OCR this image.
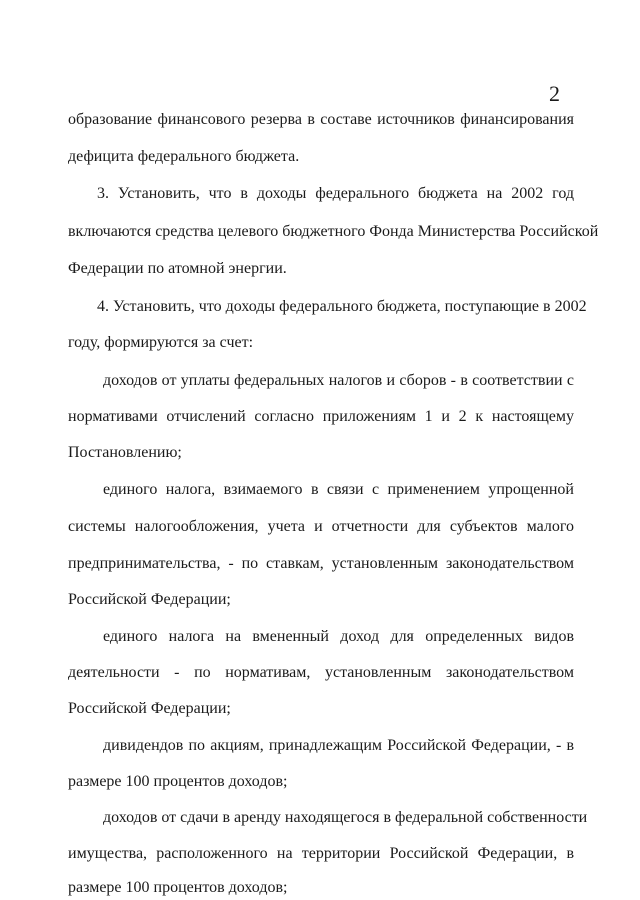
2
образование финансового резерва в составе источников финансирования
дефицита федерального бюджета.
3. Установить, что в доходы федерального бюджета на 2002 год
включаются средства целевого бюджетного Фонда Министерства Российской
Федерации по атомной энергии.
4. Установить, что доходы федерального бюджета, поступающие в 2002
году, формируются за счет:
доходов от уплаты федеральных налогов и сборов - в соответствии с
нормативами отчислений согласно приложениям 1 и 2 к настоящему
Постановлению;
единого налога, взимаемого в связи с применением упрощенной
системы налогообложения, учета и отчетности для субъектов малого
предпринимательства, - по ставкам, установленным законодательством
Российской Федерации;
единого налога на вмененный доход для определенных видов
деятельности - по нормативам, установленным законодательством
Российской Федерации;
дивидендов по акциям, принадлежащим Российской Федерации, - в
размере 100 процентов доходов;
доходов от сдачи в аренду находящегося в федеральной собственности
имущества, расположенного на территории Российской Федерации, в
размере 100 процентов доходов;
